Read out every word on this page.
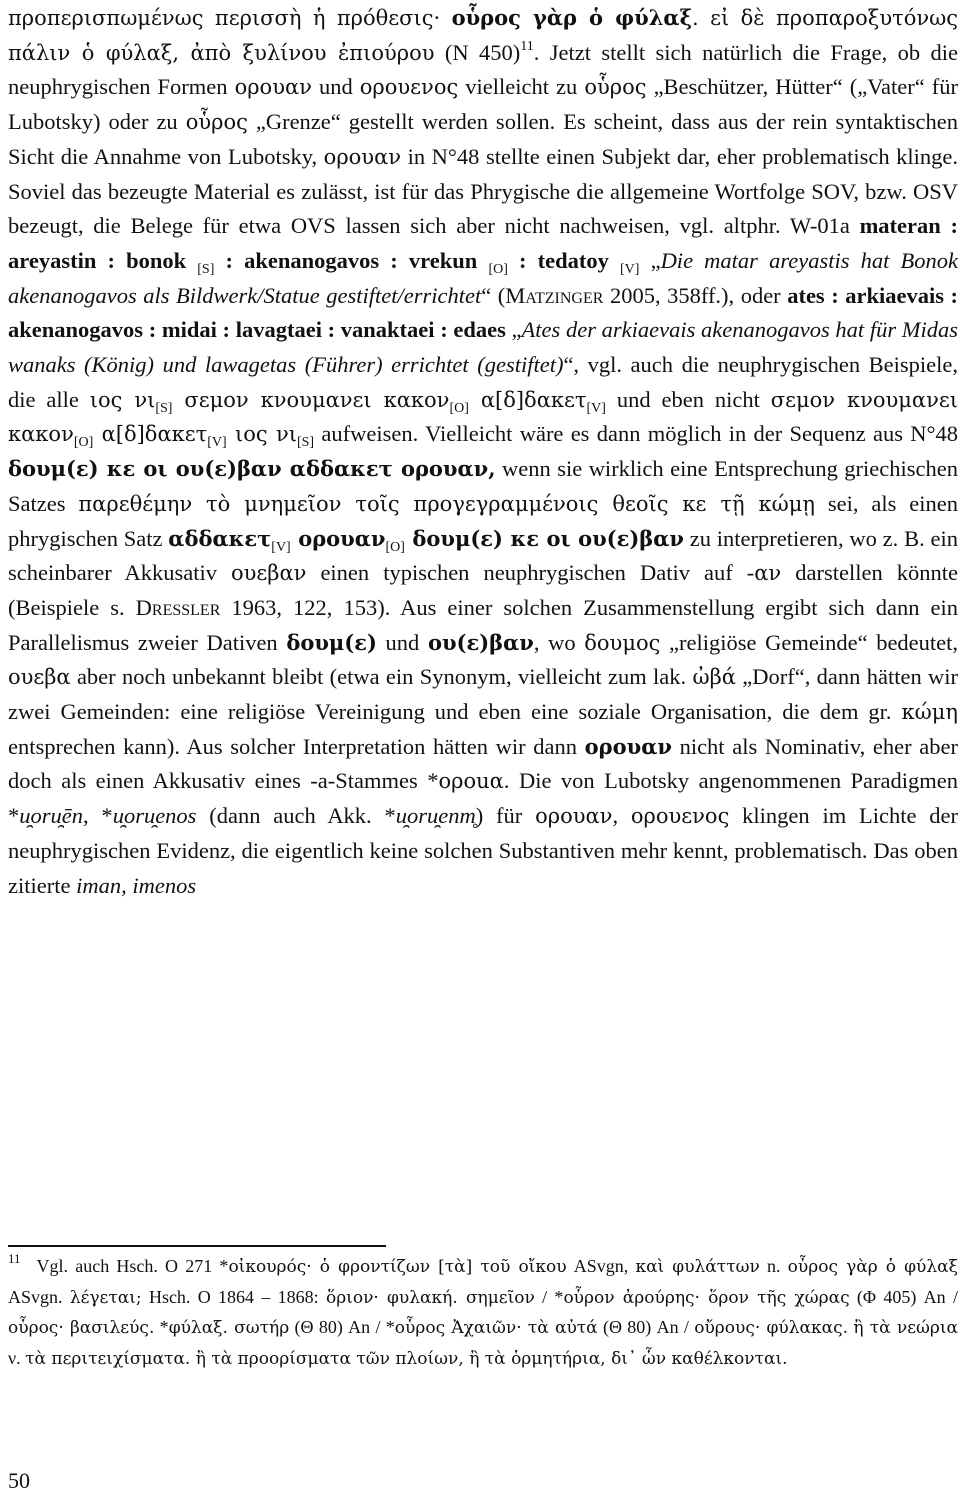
προπερισπωμένως περισσὴ ἡ πρόθεσις· οὗρος γὰρ ὁ φύλαξ. εἰ δὲ προπαροξυτόνως πάλιν ὁ φύλαξ, ἀπὸ ξυλίνου ἐπιούρου (N 450)$^{11}$. Jetzt stellt sich natürlich die Frage, ob die neuphrygischen Formen ορουαν und ορουενος vielleicht zu οὗρος „Beschützer, Hütter“ („Vater“ für Lubotsky) oder zu οὗρος „Grenze“ gestellt werden sollen. Es scheint, dass aus der rein syntaktischen Sicht die Annahme von Lubotsky, ορουαν in N°48 stellte einen Subjekt dar, eher problematisch klinge. Soviel das bezeugte Material es zulässt, ist für das Phrygische die allgemeine Wortfolge SOV, bzw. OSV bezeugt, die Belege für etwa OVS lassen sich aber nicht nachweisen, vgl. altphr. W-01a materan : areyastin : bonok $_{[S]}$ : akenanogavos : vrekun $_{[O]}$ : tedatoy $_{[V]}$ „Die matar areyastis hat Bonok akenanogavos als Bildwerk/Statue gestiftet/errichtet“ (Matzinger 2005, 358ff.), oder ates : arkiaevais : akenanogavos : midai : lavagtaei : vanaktaei : edaes „Ates der arkiaevais akenanogavos hat für Midas wanaks (König) und lawagetas (Führer) errichtet (gestiftet)“, vgl. auch die neuphrygischen Beispiele, die alle ιος $\nu\iota_{[S]}$ σεμον κνουμανει κακον$_{[O]}$ α[δ]δακετ$_{[V]}$ und eben nicht σεμον κνουμανει κακον$_{[O]}$ α[δ]δακετ$_{[V]}$ ιος $\nu\iota_{[S]}$ aufweisen. Vielleicht wäre es dann möglich in der Sequenz aus N°48 δουμ(ε) κε οι ου(ε)βαν αδδακετ ορουαν, wenn sie wirklich eine Entsprechung griechischen Satzes παρεθέμην τὸ μνημεῖον τοῖς προγεγραμμένοις θεοῖς κε τῇ κώμῃ sei, als einen phrygischen Satz αδδακετ$_{[V]}$ ορουαν$_{[O]}$ δουμ(ε) κε οι ου(ε)βαν zu interpretieren, wo z. B. ein scheinbarer Akkusativ ουεβαν einen typischen neuphrygischen Dativ auf -αν darstellen könnte (Beispiele s. Dressler 1963, 122, 153). Aus einer solchen Zusammenstellung ergibt sich dann ein Parallelismus zweier Dativen δουμ(ε) und ου(ε)βαν, wo δουμος „religiöse Gemeinde“ bedeutet, ουεβα aber noch unbekannt bleibt (etwa ein Synonym, vielleicht zum lak. ὠβά „Dorf“, dann hätten wir zwei Gemeinden: eine religiöse Vereinigung und eben eine soziale Organisation, die dem gr. κώμη entsprechen kann). Aus solcher Interpretation hätten wir dann ορουαν nicht als Nominativ, eher aber doch als einen Akkusativ eines -a-Stammes *οροuα. Die von Lubotsky angenommenen Paradigmen *u̯oru̯ēn, *u̯oru̯enos (dann auch Akk. *u̯oru̯enm̥) für ορουαν, ορουενος klingen im Lichte der neuphrygischen Evidenz, die eigentlich keine solchen Substantiven mehr kennt, problematisch. Das oben zitierte iman, imenos

$^{11}$ Vgl. auch Hsch. O 271 *οἰκουρός· ὁ φροντίζων [τὰ] τοῦ οἴκου ASvgn, καὶ φυλάττων n. οὗρος γὰρ ὁ φύλαξ ASvgn. λέγεται; Hsch. O 1864 – 1868: ὅριον· φυλακή. σημεῖον / *οὗρον ἀρούρης· ὅρον τῆς χώρας (Φ 405) An / οὗρος· βασιλεύς. *φύλαξ. σωτήρ (Θ 80) An / *οὗρος Ἀχαιῶν· τὰ αὐτά (Θ 80) An / οὔρους· φύλακας. ἢ τὰ νεώρια ν. τὰ περιτειχίσματα. ἢ τὰ προορίσματα τῶν πλοίων, ἢ τὰ ὁρμητήρια, δι᾽ ὧν καθέλκονται.
50
